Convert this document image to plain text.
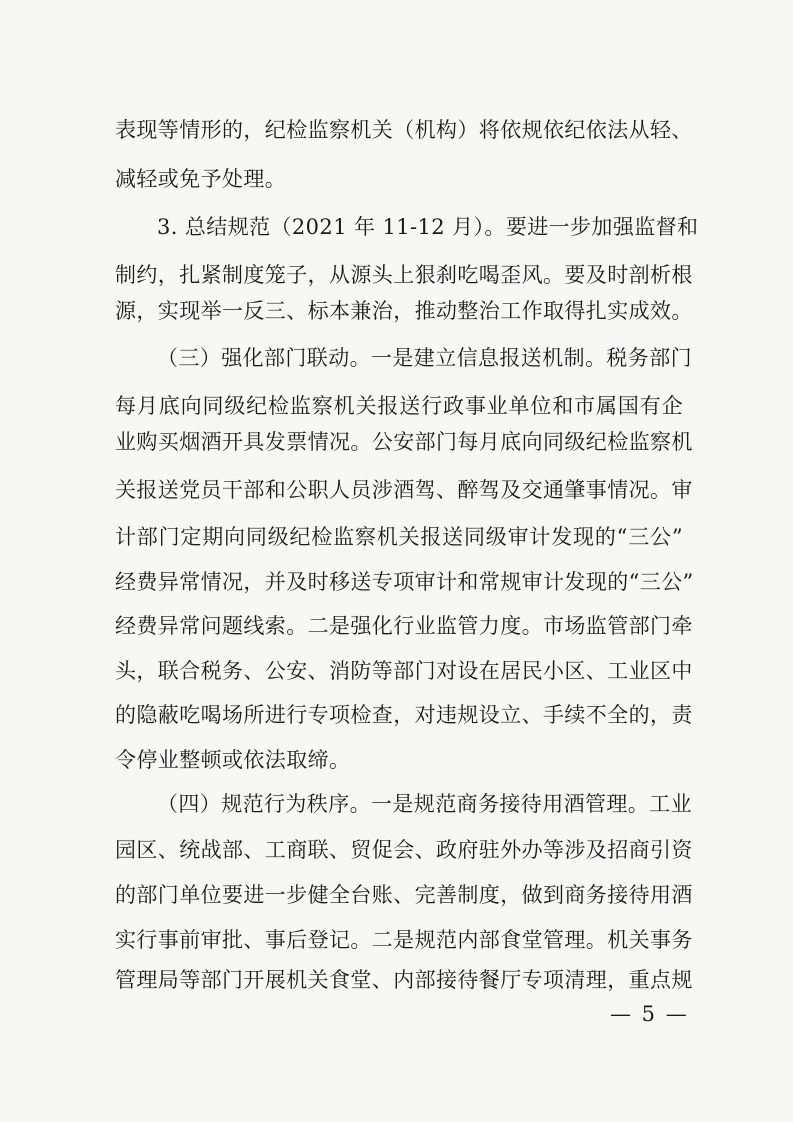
表现等情形的，纪检监察机关（机构）将依规依纪依法从轻、
减轻或免予处理。
3. 总结规范（2021 年 11-12 月）。要进一步加强监督和
制约，扎紧制度笼子，从源头上狠刹吃喝歪风。要及时剖析根
源，实现举一反三、标本兼治，推动整治工作取得扎实成效。
（三）强化部门联动。一是建立信息报送机制。税务部门
每月底向同级纪检监察机关报送行政事业单位和市属国有企
业购买烟酒开具发票情况。公安部门每月底向同级纪检监察机
关报送党员干部和公职人员涉酒驾、醉驾及交通肇事情况。审
计部门定期向同级纪检监察机关报送同级审计发现的“三公”
经费异常情况，并及时移送专项审计和常规审计发现的“三公”
经费异常问题线索。二是强化行业监管力度。市场监管部门牵
头，联合税务、公安、消防等部门对设在居民小区、工业区中
的隐蔽吃喝场所进行专项检查，对违规设立、手续不全的，责
令停业整顿或依法取缔。
（四）规范行为秩序。一是规范商务接待用酒管理。工业
园区、统战部、工商联、贸促会、政府驻外办等涉及招商引资
的部门单位要进一步健全台账、完善制度，做到商务接待用酒
实行事前审批、事后登记。二是规范内部食堂管理。机关事务
管理局等部门开展机关食堂、内部接待餐厅专项清理，重点规
— 5 —
